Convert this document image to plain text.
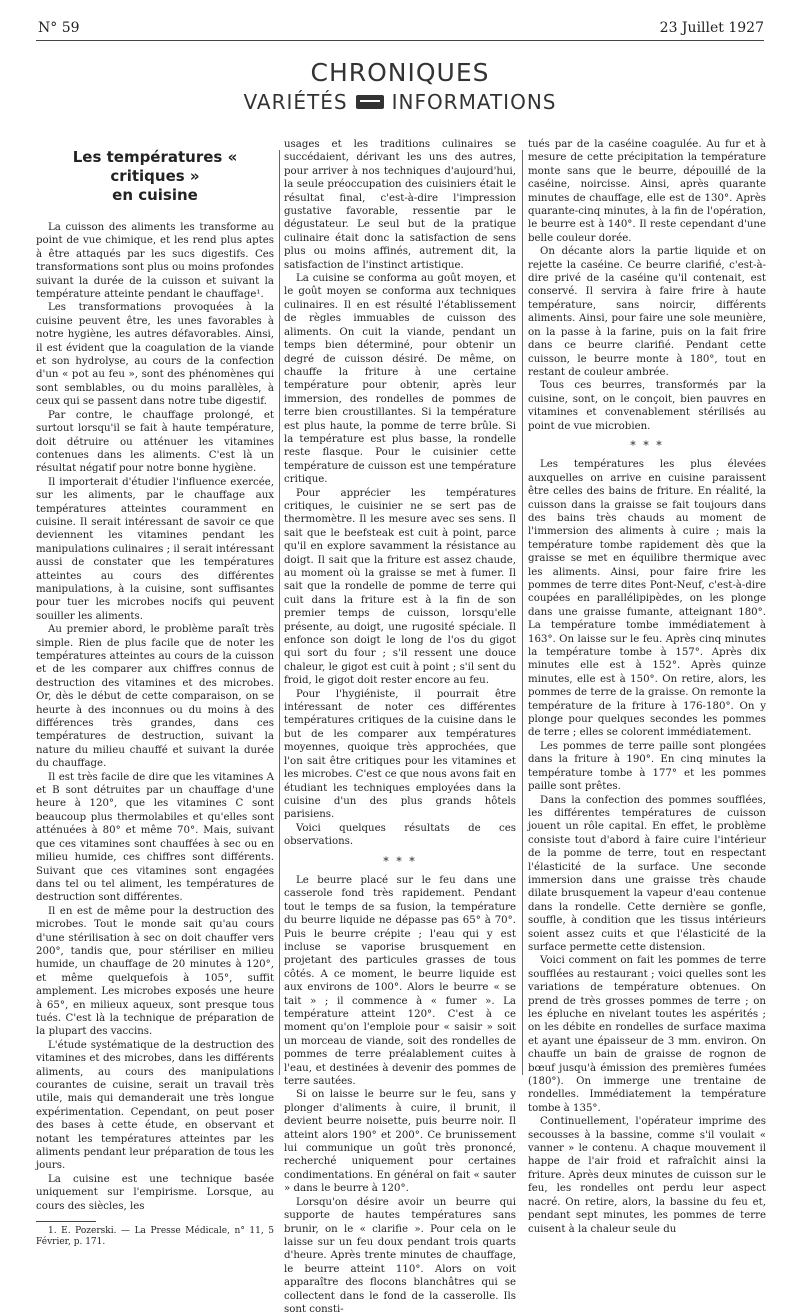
N° 59	23 Juillet 1927
CHRONIQUES
VARIÉTÉS INFORMATIONS
Les températures « critiques »
en cuisine

La cuisson des aliments les transforme au point de vue chimique, et les rend plus aptes à être attaqués par les sucs digestifs. Ces transformations sont plus ou moins profondes suivant la durée de la cuisson et suivant la température atteinte pendant le chauffage¹.

Les transformations provoquées à la cuisine peuvent être, les unes favorables à notre hygiène, les autres défavorables. Ainsi, il est évident que la coagulation de la viande et son hydrolyse, au cours de la confection d'un « pot au feu », sont des phénomènes qui sont semblables, ou du moins parallèles, à ceux qui se passent dans notre tube digestif.

Par contre, le chauffage prolongé, et surtout lorsqu'il se fait à haute température, doit détruire ou atténuer les vitamines contenues dans les aliments. C'est là un résultat négatif pour notre bonne hygiène.

Il importerait d'étudier l'influence exercée, sur les aliments, par le chauffage aux températures atteintes couramment en cuisine. Il serait intéressant de savoir ce que deviennent les vitamines pendant les manipulations culinaires ; il serait intéressant aussi de constater que les températures atteintes au cours des différentes manipulations, à la cuisine, sont suffisantes pour tuer les microbes nocifs qui peuvent souiller les aliments.

Au premier abord, le problème paraît très simple. Rien de plus facile que de noter les températures atteintes au cours de la cuisson et de les comparer aux chiffres connus de destruction des vitamines et des microbes. Or, dès le début de cette comparaison, on se heurte à des inconnues ou du moins à des différences très grandes, dans ces températures de destruction, suivant la nature du milieu chauffé et suivant la durée du chauffage.

Il est très facile de dire que les vitamines A et B sont détruites par un chauffage d'une heure à 120°, que les vitamines C sont beaucoup plus thermolabiles et qu'elles sont atténuées à 80° et même 70°. Mais, suivant que ces vitamines sont chauffées à sec ou en milieu humide, ces chiffres sont différents. Suivant que ces vitamines sont engagées dans tel ou tel aliment, les températures de destruction sont différentes.

Il en est de même pour la destruction des microbes. Tout le monde sait qu'au cours d'une stérilisation à sec on doit chauffer vers 200°, tandis que, pour stériliser en milieu humide, un chauffage de 20 minutes à 120°, et même quelquefois à 105°, suffit amplement. Les microbes exposés une heure à 65°, en milieux aqueux, sont presque tous tués. C'est là la technique de préparation de la plupart des vaccins.

L'étude systématique de la destruction des vitamines et des microbes, dans les différents aliments, au cours des manipulations courantes de cuisine, serait un travail très utile, mais qui demanderait une très longue expérimentation. Cependant, on peut poser des bases à cette étude, en observant et notant les températures atteintes par les aliments pendant leur préparation de tous les jours.

La cuisine est une technique basée uniquement sur l'empirisme. Lorsque, au cours des siècles, les

1. E. Pozerski. — La Presse Médicale, n° 11, 5 Février, p. 171.

usages et les traditions culinaires se succédaient, dérivant les uns des autres, pour arriver à nos techniques d'aujourd'hui, la seule préoccupation des cuisiniers était le résultat final, c'est-à-dire l'impression gustative favorable, ressentie par le dégustateur. Le seul but de la pratique culinaire était donc la satisfaction de sens plus ou moins affinés, autrement dit, la satisfaction de l'instinct artistique.

La cuisine se conforma au goût moyen, et le goût moyen se conforma aux techniques culinaires. Il en est résulté l'établissement de règles immuables de cuisson des aliments. On cuit la viande, pendant un temps bien déterminé, pour obtenir un degré de cuisson désiré. De même, on chauffe la friture à une certaine température pour obtenir, après leur immersion, des rondelles de pommes de terre bien croustillantes. Si la température est plus haute, la pomme de terre brûle. Si la température est plus basse, la rondelle reste flasque. Pour le cuisinier cette température de cuisson est une température critique.

Pour apprécier les températures critiques, le cuisinier ne se sert pas de thermomètre. Il les mesure avec ses sens. Il sait que le beefsteak est cuit à point, parce qu'il en explore savamment la résistance au doigt. Il sait que la friture est assez chaude, au moment où la graisse se met à fumer. Il sait que la rondelle de pomme de terre qui cuit dans la friture est à la fin de son premier temps de cuisson, lorsqu'elle présente, au doigt, une rugosité spéciale. Il enfonce son doigt le long de l'os du gigot qui sort du four ; s'il ressent une douce chaleur, le gigot est cuit à point ; s'il sent du froid, le gigot doit rester encore au feu.

Pour l'hygiéniste, il pourrait être intéressant de noter ces différentes températures critiques de la cuisine dans le but de les comparer aux températures moyennes, quoique très approchées, que l'on sait être critiques pour les vitamines et les microbes. C'est ce que nous avons fait en étudiant les techniques employées dans la cuisine d'un des plus grands hôtels parisiens.

Voici quelques résultats de ces observations.

* * *

Le beurre placé sur le feu dans une casserole fond très rapidement. Pendant tout le temps de sa fusion, la température du beurre liquide ne dépasse pas 65° à 70°. Puis le beurre crépite ; l'eau qui y est incluse se vaporise brusquement en projetant des particules grasses de tous côtés. A ce moment, le beurre liquide est aux environs de 100°. Alors le beurre « se tait » ; il commence à « fumer ». La température atteint 120°. C'est à ce moment qu'on l'emploie pour « saisir » soit un morceau de viande, soit des rondelles de pommes de terre préalablement cuites à l'eau, et destinées à devenir des pommes de terre sautées.

Si on laisse le beurre sur le feu, sans y plonger d'aliments à cuire, il brunit, il devient beurre noisette, puis beurre noir. Il atteint alors 190° et 200°. Ce brunissement lui communique un goût très prononcé, recherché uniquement pour certaines condimentations. En général on fait « sauter » dans le beurre à 120°.

Lorsqu'on désire avoir un beurre qui supporte de hautes températures sans brunir, on le « clarifie ». Pour cela on le laisse sur un feu doux pendant trois quarts d'heure. Après trente minutes de chauffage, le beurre atteint 110°. Alors on voit apparaître des flocons blanchâtres qui se collectent dans le fond de la casserolle. Ils sont consti-

tués par de la caséine coagulée. Au fur et à mesure de cette précipitation la température monte sans que le beurre, dépouillé de la caséine, noircisse. Ainsi, après quarante minutes de chauffage, elle est de 130°. Après quarante-cinq minutes, à la fin de l'opération, le beurre est à 140°. Il reste cependant d'une belle couleur dorée.

On décante alors la partie liquide et on rejette la caséine. Ce beurre clarifié, c'est-à-dire privé de la caséine qu'il contenait, est conservé. Il servira à faire frire à haute température, sans noircir, différents aliments. Ainsi, pour faire une sole meunière, on la passe à la farine, puis on la fait frire dans ce beurre clarifié. Pendant cette cuisson, le beurre monte à 180°, tout en restant de couleur ambrée.

Tous ces beurres, transformés par la cuisine, sont, on le conçoit, bien pauvres en vitamines et convenablement stérilisés au point de vue microbien.

* * *

Les températures les plus élevées auxquelles on arrive en cuisine paraissent être celles des bains de friture. En réalité, la cuisson dans la graisse se fait toujours dans des bains très chauds au moment de l'immersion des aliments à cuire ; mais la température tombe rapidement dès que la graisse se met en équilibre thermique avec les aliments. Ainsi, pour faire frire les pommes de terre dites Pont-Neuf, c'est-à-dire coupées en parallélipipèdes, on les plonge dans une graisse fumante, atteignant 180°. La température tombe immédiatement à 163°. On laisse sur le feu. Après cinq minutes la température tombe à 157°. Après dix minutes elle est à 152°. Après quinze minutes, elle est à 150°. On retire, alors, les pommes de terre de la graisse. On remonte la température de la friture à 176-180°. On y plonge pour quelques secondes les pommes de terre ; elles se colorent immédiatement.

Les pommes de terre paille sont plongées dans la friture à 190°. En cinq minutes la température tombe à 177° et les pommes paille sont prêtes.

Dans la confection des pommes soufflées, les différentes températures de cuisson jouent un rôle capital. En effet, le problème consiste tout d'abord à faire cuire l'intérieur de la pomme de terre, tout en respectant l'élasticité de la surface. Une seconde immersion dans une graisse très chaude dilate brusquement la vapeur d'eau contenue dans la rondelle. Cette dernière se gonfle, souffle, à condition que les tissus intérieurs soient assez cuits et que l'élasticité de la surface permette cette distension.

Voici comment on fait les pommes de terre soufflées au restaurant ; voici quelles sont les variations de température obtenues. On prend de très grosses pommes de terre ; on les épluche en nivelant toutes les aspérités ; on les débite en rondelles de surface maxima et ayant une épaisseur de 3 mm. environ. On chauffe un bain de graisse de rognon de bœuf jusqu'à émission des premières fumées (180°). On immerge une trentaine de rondelles. Immédiatement la température tombe à 135°.

Continuellement, l'opérateur imprime des secousses à la bassine, comme s'il voulait « vanner » le contenu. A chaque mouvement il happe de l'air froid et rafraîchit ainsi la friture. Après deux minutes de cuisson sur le feu, les rondelles ont perdu leur aspect nacré. On retire, alors, la bassine du feu et, pendant sept minutes, les pommes de terre cuisent à la chaleur seule du
